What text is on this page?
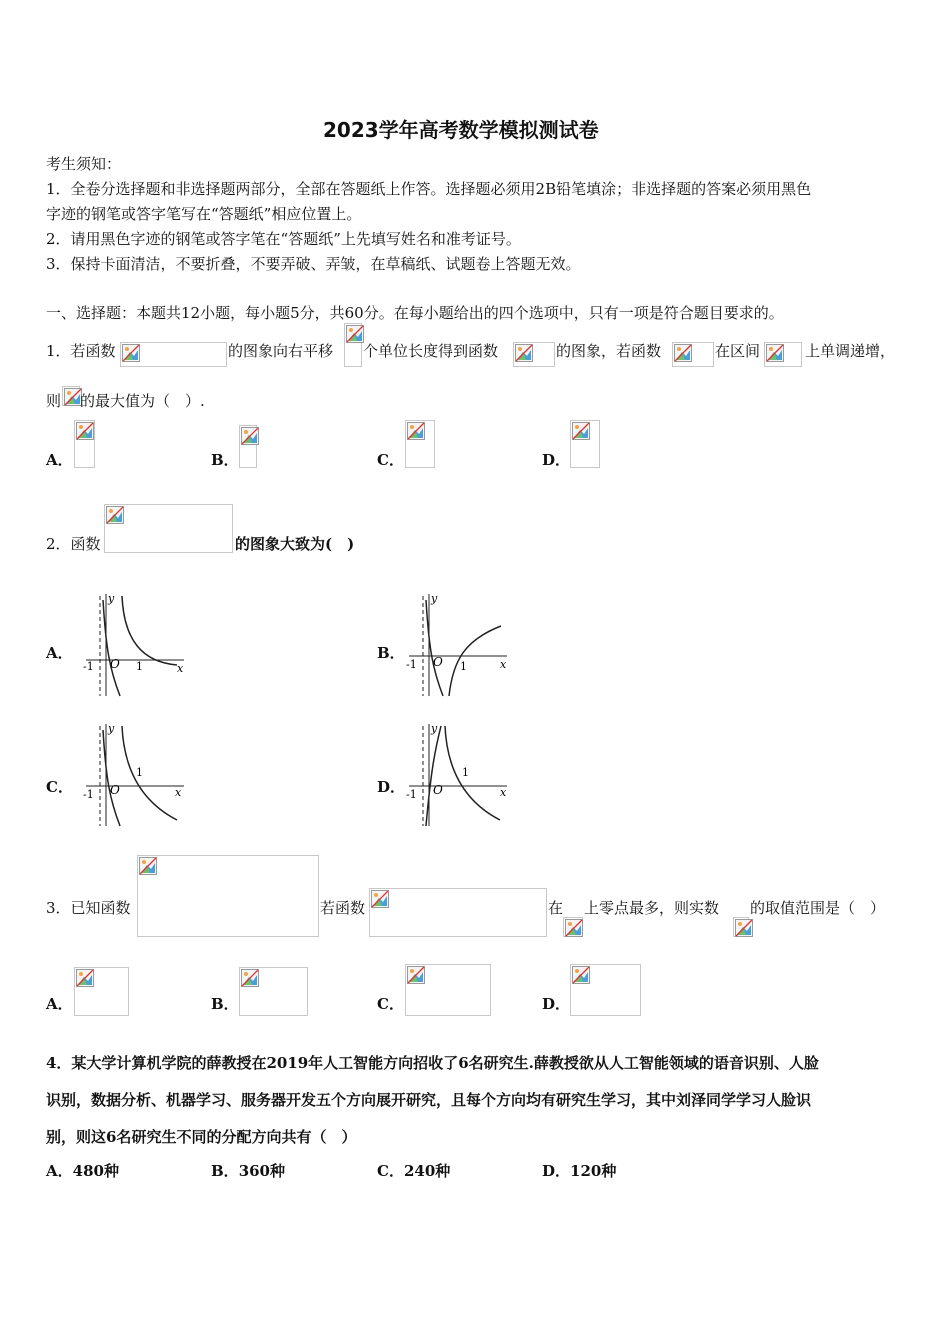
2023学年高考数学模拟测试卷
考生须知：
1．全卷分选择题和非选择题两部分，全部在答题纸上作答。选择题必须用2B铅笔填涂；非选择题的答案必须用黑色
字迹的钢笔或答字笔写在“答题纸”相应位置上。
2．请用黑色字迹的钢笔或答字笔在“答题纸”上先填写姓名和准考证号。
3．保持卡面清洁，不要折叠，不要弄破、弄皱，在草稿纸、试题卷上答题无效。
一、选择题：本题共12小题，每小题5分，共60分。在每小题给出的四个选项中，只有一项是符合题目要求的。
1．若函数	的图象向右平移 个单位长度得到函数	的图象，若函数	在区间	上单调递增，
则 的最大值为（　）.
A．	B．	C．	D．
2．函数	的图象大致为(　)
A．
y
x
-1 O 1
B．
y
x
-1 O 1
C．
y
x
-1 O
1
D．
y
x
-1 O
1
3．已知函数	若函数	在 上零点最多，则实数 的取值范围是（　）
A．	B．	C．	D．
4．某大学计算机学院的薛教授在2019年人工智能方向招收了6名研究生.薛教授欲从人工智能领域的语音识别、人脸
识别，数据分析、机器学习、服务器开发五个方向展开研究，且每个方向均有研究生学习，其中刘泽同学学习人脸识
别，则这6名研究生不同的分配方向共有（　）
A．480种	B．360种	C．240种	D．120种
